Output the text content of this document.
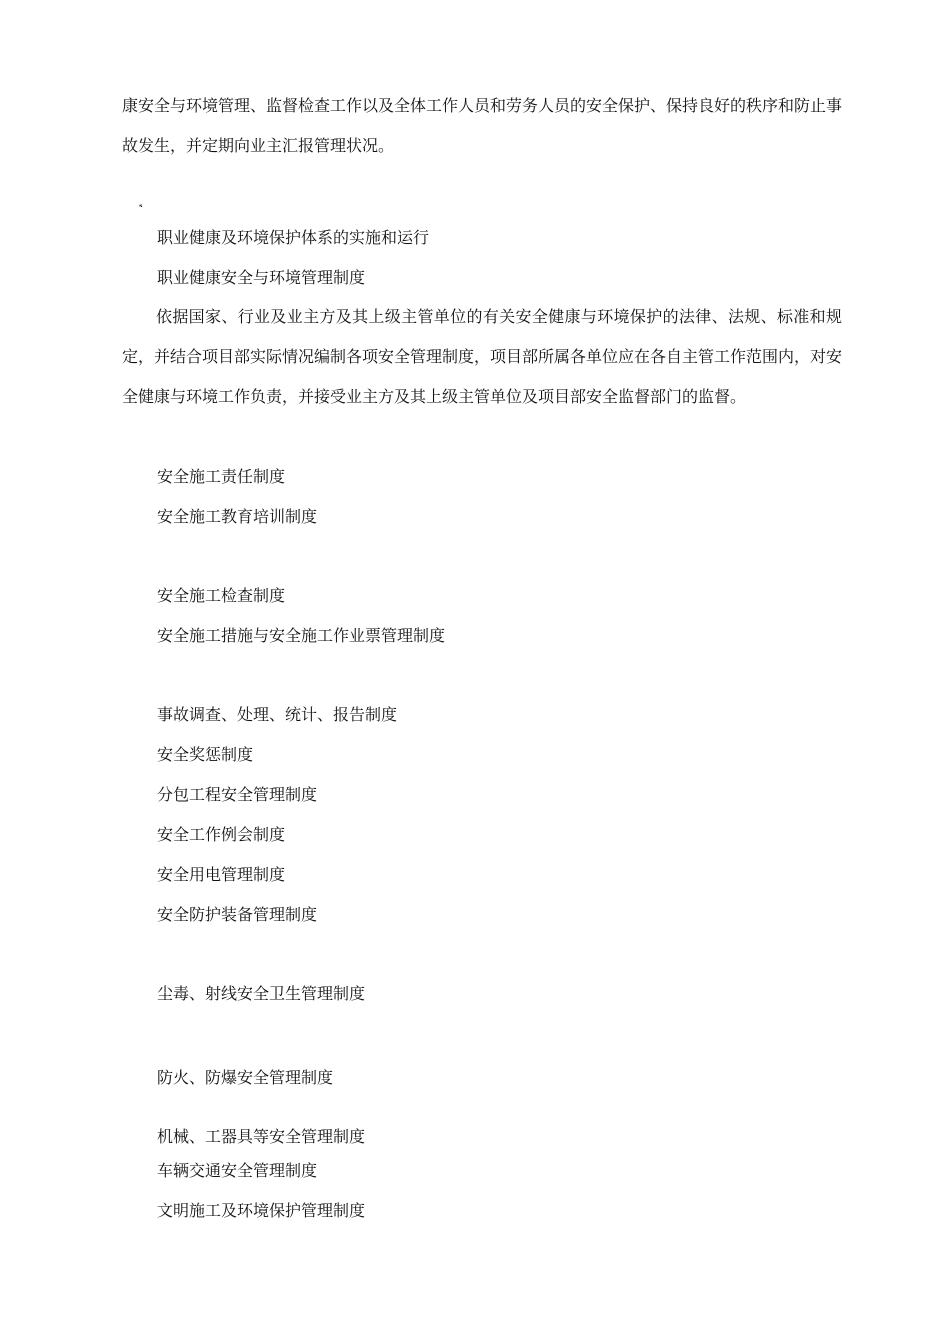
康安全与环境管理、监督检查工作以及全体工作人员和劳务人员的安全保护、保持良好的秩序和防止事故发生，并定期向业主汇报管理状况。

ˢ

职业健康及环境保护体系的实施和运行

职业健康安全与环境管理制度

依据国家、行业及业主方及其上级主管单位的有关安全健康与环境保护的法律、法规、标准和规定，并结合项目部实际情况编制各项安全管理制度，项目部所属各单位应在各自主管工作范围内，对安全健康与环境工作负责，并接受业主方及其上级主管单位及项目部安全监督部门的监督。

安全施工责任制度

安全施工教育培训制度

安全施工检查制度

安全施工措施与安全施工作业票管理制度

事故调查、处理、统计、报告制度

安全奖惩制度

分包工程安全管理制度

安全工作例会制度

安全用电管理制度

安全防护装备管理制度

尘毒、射线安全卫生管理制度

防火、防爆安全管理制度

机械、工器具等安全管理制度

车辆交通安全管理制度

文明施工及环境保护管理制度
